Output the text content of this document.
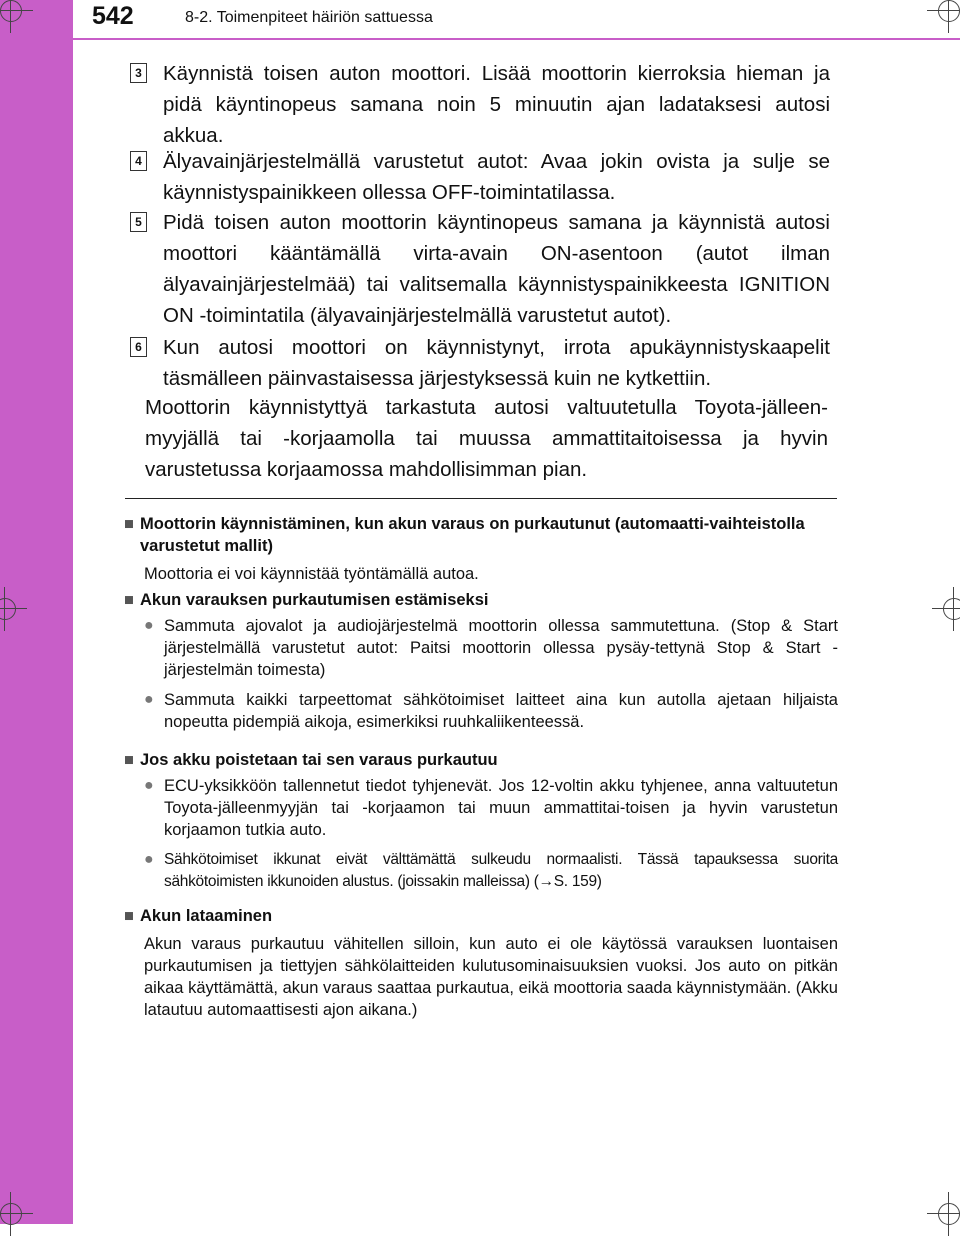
542	8-2. Toimenpiteet häiriön sattuessa
3 Käynnistä toisen auton moottori. Lisää moottorin kierroksia hieman ja pidä käyntinopeus samana noin 5 minuutin ajan ladataksesi autosi akkua.
4 Älyavainjärjestelmällä varustetut autot: Avaa jokin ovista ja sulje se käynnistyspainikkeen ollessa OFF-toimintatilassa.
5 Pidä toisen auton moottorin käyntinopeus samana ja käynnistä autosi moottori kääntämällä virta-avain ON-asentoon (autot ilman älyavainjärjestelmää) tai valitsemalla käynnistyspainikkeesta IGNITION ON -toimintatila (älyavainjärjestelmällä varustetut autot).
6 Kun autosi moottori on käynnistynyt, irrota apukäynnistyskaapelit täsmälleen päinvastaisessa järjestyksessä kuin ne kytkettiin.
Moottorin käynnistyttyä tarkastuta autosi valtuutetulla Toyota-jälleen-myyjällä tai -korjaamolla tai muussa ammattitaitoisessa ja hyvin varustetussa korjaamossa mahdollisimman pian.
■ Moottorin käynnistäminen, kun akun varaus on purkautunut (automaatti-vaihteistolla varustetut mallit)
Moottoria ei voi käynnistää työntämällä autoa.
■ Akun varauksen purkautumisen estämiseksi
● Sammuta ajovalot ja audiojärjestelmä moottorin ollessa sammutettuna. (Stop & Start järjestelmällä varustetut autot: Paitsi moottorin ollessa pysäy-tettynä Stop & Start -järjestelmän toimesta)
● Sammuta kaikki tarpeettomat sähkötoimiset laitteet aina kun autolla ajetaan hiljaista nopeutta pidempiä aikoja, esimerkiksi ruuhkaliikenteessä.
■ Jos akku poistetaan tai sen varaus purkautuu
● ECU-yksikköön tallennetut tiedot tyhjenevät. Jos 12-voltin akku tyhjenee, anna valtuutetun Toyota-jälleenmyyjän tai -korjaamon tai muun ammattitai-toisen ja hyvin varustetun korjaamon tutkia auto.
● Sähkötoimiset ikkunat eivät välttämättä sulkeudu normaalisti. Tässä tapauksessa suorita sähkötoimisten ikkunoiden alustus. (joissakin malleissa) (→S. 159)
■ Akun lataaminen
Akun varaus purkautuu vähitellen silloin, kun auto ei ole käytössä varauksen luontaisen purkautumisen ja tiettyjen sähkölaitteiden kulutusominaisuuksien vuoksi. Jos auto on pitkän aikaa käyttämättä, akun varaus saattaa purkautua, eikä moottoria saada käynnistymään. (Akku latautuu automaattisesti ajon aikana.)
